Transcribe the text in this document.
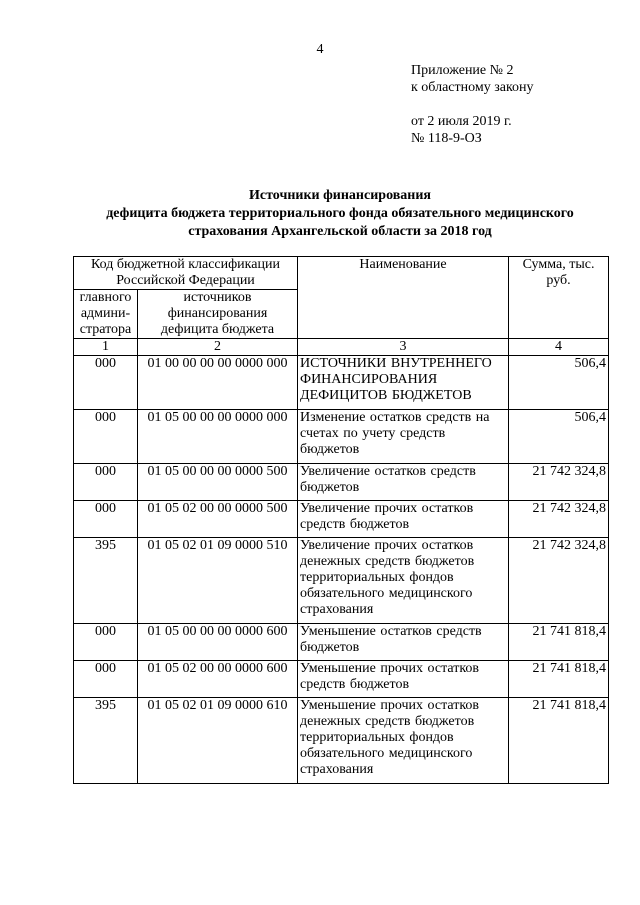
4
Приложение № 2
к областному закону
от 2 июля 2019 г.
№ 118-9-ОЗ
Источники финансирования
дефицита бюджета территориального фонда обязательного медицинского
страхования Архангельской области за 2018 год
Код бюджетной классификации Российской Федерации		Наименование	Сумма, тыс. руб.
главного админи-стратора	источников финансирования дефицита бюджета		
1	2	3	4
000	01 00 00 00 00 0000 000	ИСТОЧНИКИ ВНУТРЕННЕГО ФИНАНСИРОВАНИЯ ДЕФИЦИТОВ БЮДЖЕТОВ	506,4
000	01 05 00 00 00 0000 000	Изменение остатков средств на счетах по учету средств бюджетов	506,4
000	01 05 00 00 00 0000 500	Увеличение остатков средств бюджетов	21 742 324,8
000	01 05 02 00 00 0000 500	Увеличение прочих остатков средств бюджетов	21 742 324,8
395	01 05 02 01 09 0000 510	Увеличение прочих остатков денежных средств бюджетов территориальных фондов обязательного медицинского страхования	21 742 324,8
000	01 05 00 00 00 0000 600	Уменьшение остатков средств бюджетов	21 741 818,4
000	01 05 02 00 00 0000 600	Уменьшение прочих остатков средств бюджетов	21 741 818,4
395	01 05 02 01 09 0000 610	Уменьшение прочих остатков денежных средств бюджетов территориальных фондов обязательного медицинского страхования	21 741 818,4
